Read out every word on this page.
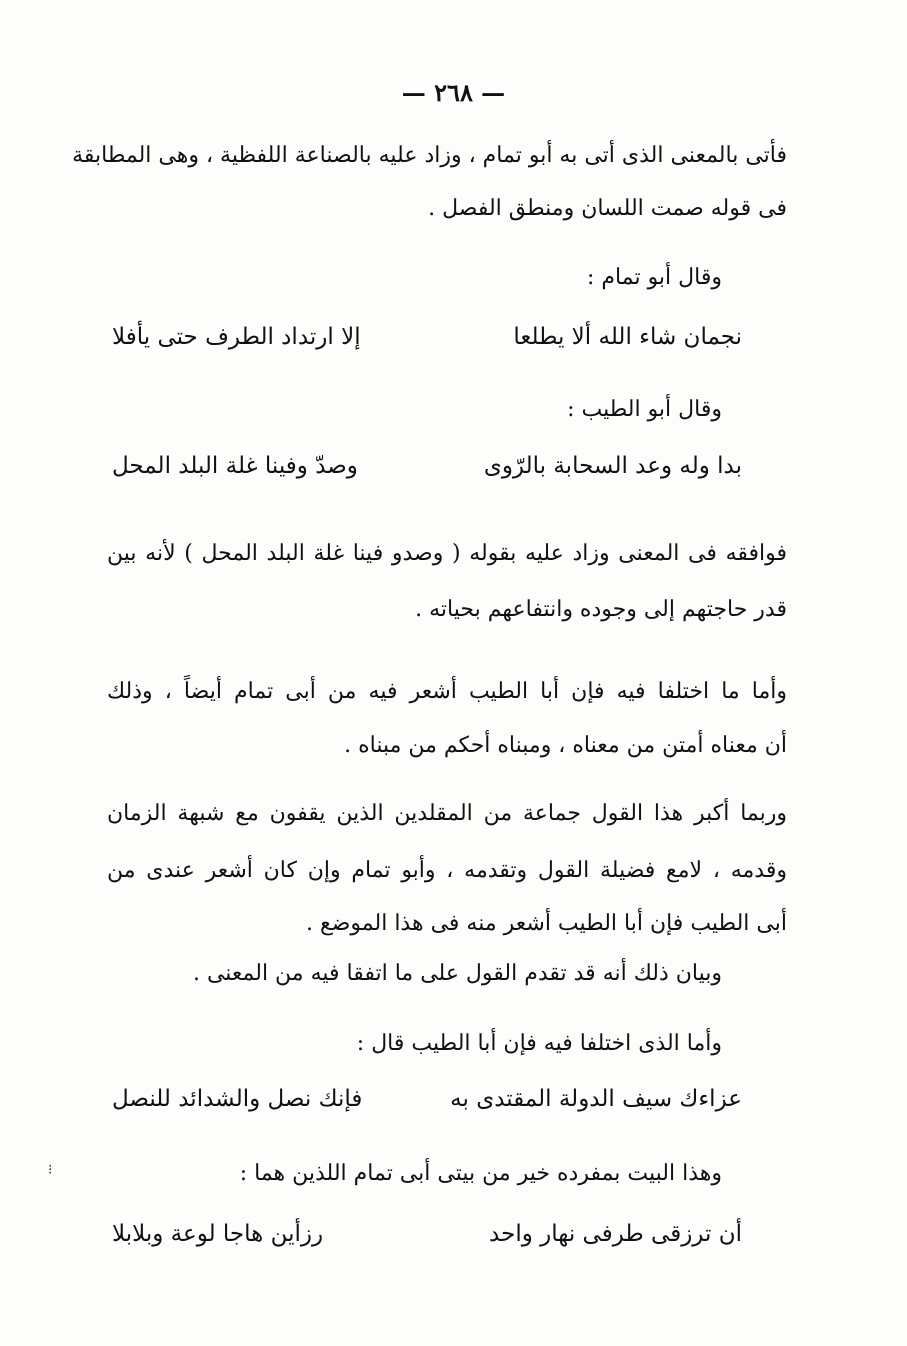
— ٢٦٨ —
فأتى بالمعنى الذى أتى به أبو تمام ، وزاد عليه بالصناعة اللفظية ، وهى المطابقة
فى قوله صمت اللسان ومنطق الفصل .
وقال أبو تمام :
نجمان شاء الله ألا يطلعا
إلا ارتداد الطرف حتى يأفلا
وقال أبو الطيب :
بدا وله وعد السحابة بالرّوى
وصدّ وفينا غلة البلد المحل
فوافقه فى المعنى وزاد عليه بقوله ( وصدو فينا غلة البلد المحل ) لأنه بين
قدر حاجتهم إلى وجوده وانتفاعهم بحياته .
وأما ما اختلفا فيه فإن أبا الطيب أشعر فيه من أبى تمام أيضاً ، وذلك
أن معناه أمتن من معناه ، ومبناه أحكم من مبناه .
وربما أكبر هذا القول جماعة من المقلدين الذين يقفون مع شبهة الزمان
وقدمه ، لامع فضيلة القول وتقدمه ، وأبو تمام وإن كان أشعر عندى من
أبى الطيب فإن أبا الطيب أشعر منه فى هذا الموضع .
وبيان ذلك أنه قد تقدم القول على ما اتفقا فيه من المعنى .
وأما الذى اختلفا فيه فإن أبا الطيب قال :
عزاءك سيف الدولة المقتدى به
فإنك نصل والشدائد للنصل
وهذا البيت بمفرده خير من بيتى أبى تمام اللذين هما :
أن ترزقى طرفى نهار واحد
رزأين هاجا لوعة وبلابلا
⁝
